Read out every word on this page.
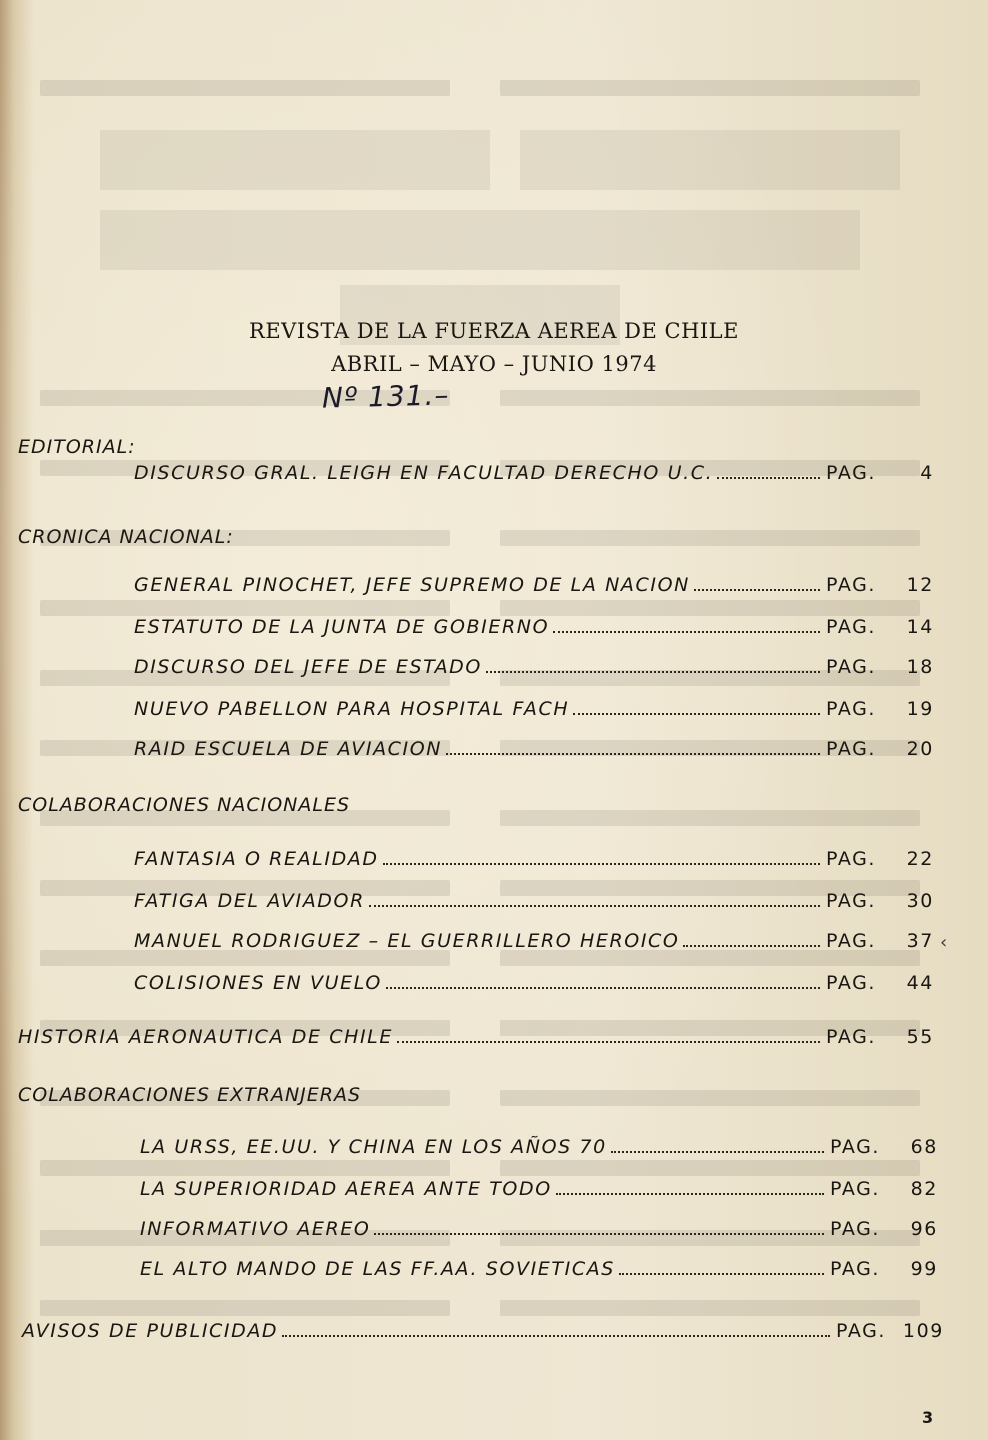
REVISTA DE LA FUERZA AEREA DE CHILE
ABRIL – MAYO – JUNIO 1974
Nº 131.–
EDITORIAL:
DISCURSO GRAL. LEIGH EN FACULTAD DERECHO U.C.	PAG.	4
CRONICA NACIONAL:
GENERAL PINOCHET, JEFE SUPREMO DE LA NACION	PAG.	12
ESTATUTO DE LA JUNTA DE GOBIERNO	PAG.	14
DISCURSO DEL JEFE DE ESTADO	PAG.	18
NUEVO PABELLON PARA HOSPITAL FACH	PAG.	19
RAID ESCUELA DE AVIACION	PAG.	20
COLABORACIONES NACIONALES
FANTASIA O REALIDAD	PAG.	22
FATIGA DEL AVIADOR	PAG.	30
MANUEL RODRIGUEZ – EL GUERRILLERO HEROICO	PAG.	37 ‹
COLISIONES EN VUELO	PAG.	44
HISTORIA AERONAUTICA DE CHILE	PAG.	55
COLABORACIONES EXTRANJERAS
LA URSS, EE.UU. Y CHINA EN LOS AÑOS 70	PAG.	68
LA SUPERIORIDAD AEREA ANTE TODO	PAG.	82
INFORMATIVO AEREO	PAG.	96
EL ALTO MANDO DE LAS FF.AA. SOVIETICAS	PAG.	99
AVISOS DE PUBLICIDAD	PAG. 109
3
